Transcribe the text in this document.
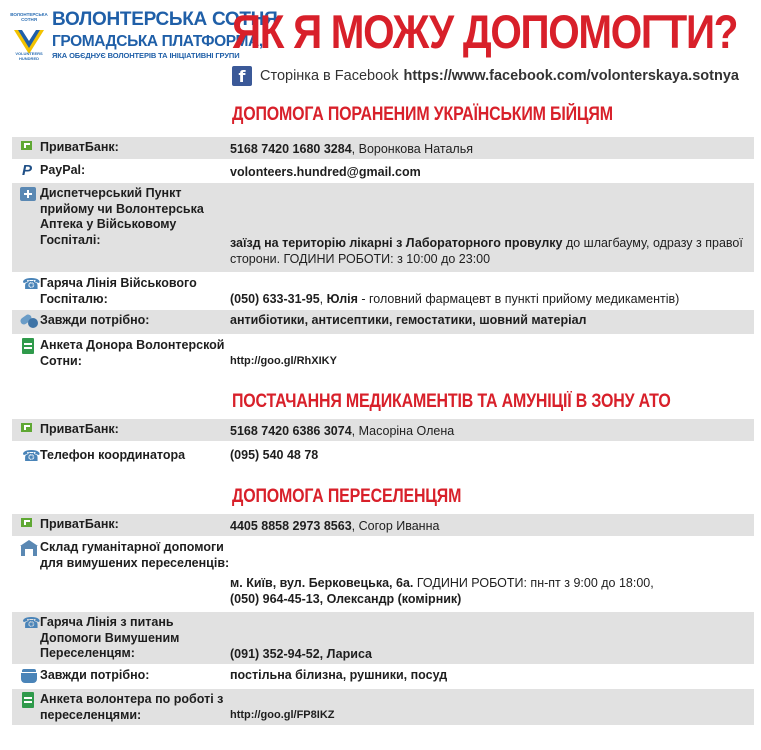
ВОЛОНТЕРСЬКА СОТНЯ
VOLUNTEERS HUNDRED
ВОЛОНТЕРСЬКА СОТНЯ
ГРОМАДСЬКА ПЛАТФОРМА,
ЯКА ОБЄДНУЄ ВОЛОНТЕРІВ ТА ІНІЦІАТИВНІ ГРУПИ
ЯК Я МОЖУ ДОПОМОГТИ?
f	Сторінка в Facebook https://www.facebook.com/volonterskaya.sotnya
ДОПОМОГА ПОРАНЕНИМ УКРАЇНСЬКИМ БІЙЦЯМ
ПриватБанк:	5168 7420 1680 3284, Воронкова Наталья
P PayPal:	volonteers.hundred@gmail.com
Диспетчерський Пункт прийому чи Волонтерська Аптека у Військовому Госпіталі:	заїзд на територію лікарні з Лабораторного провулку до шлагбауму, одразу з правої сторони. ГОДИНИ РОБОТИ: з 10:00 до 23:00
☎ Гаряча Лінія Військового Госпіталю:	(050) 633-31-95, Юлія - головний фармацевт в пункті прийому медикаментів)
Завжди потрібно:	антибіотики, антисептики, гемостатики, шовний матеріал
Анкета Донора Волонтерской Сотни:	http://goo.gl/RhXIKY
ПОСТАЧАННЯ МЕДИКАМЕНТІВ ТА АМУНІЦІЇ В ЗОНУ АТО
ПриватБанк:	5168 7420 6386 3074, Масоріна Олена
☎ Телефон координатора	(095) 540 48 78
ДОПОМОГА ПЕРЕСЕЛЕНЦЯМ
ПриватБанк:	4405 8858 2973 8563, Согор Иванна
Склад гуманітарної допомоги для вимушених переселенців:
м. Київ, вул. Берковецька, 6а. ГОДИНИ РОБОТИ: пн-пт з 9:00 до 18:00,
(050) 964-45-13, Олександр (комірник)
☎ Гаряча Лінія з питань Допомоги Вимушеним Переселенцям:	(091) 352-94-52, Лариса
Завжди потрібно:	постільна білизна, рушники, посуд
Анкета волонтера по роботі з переселенцями:	http://goo.gl/FP8IKZ
